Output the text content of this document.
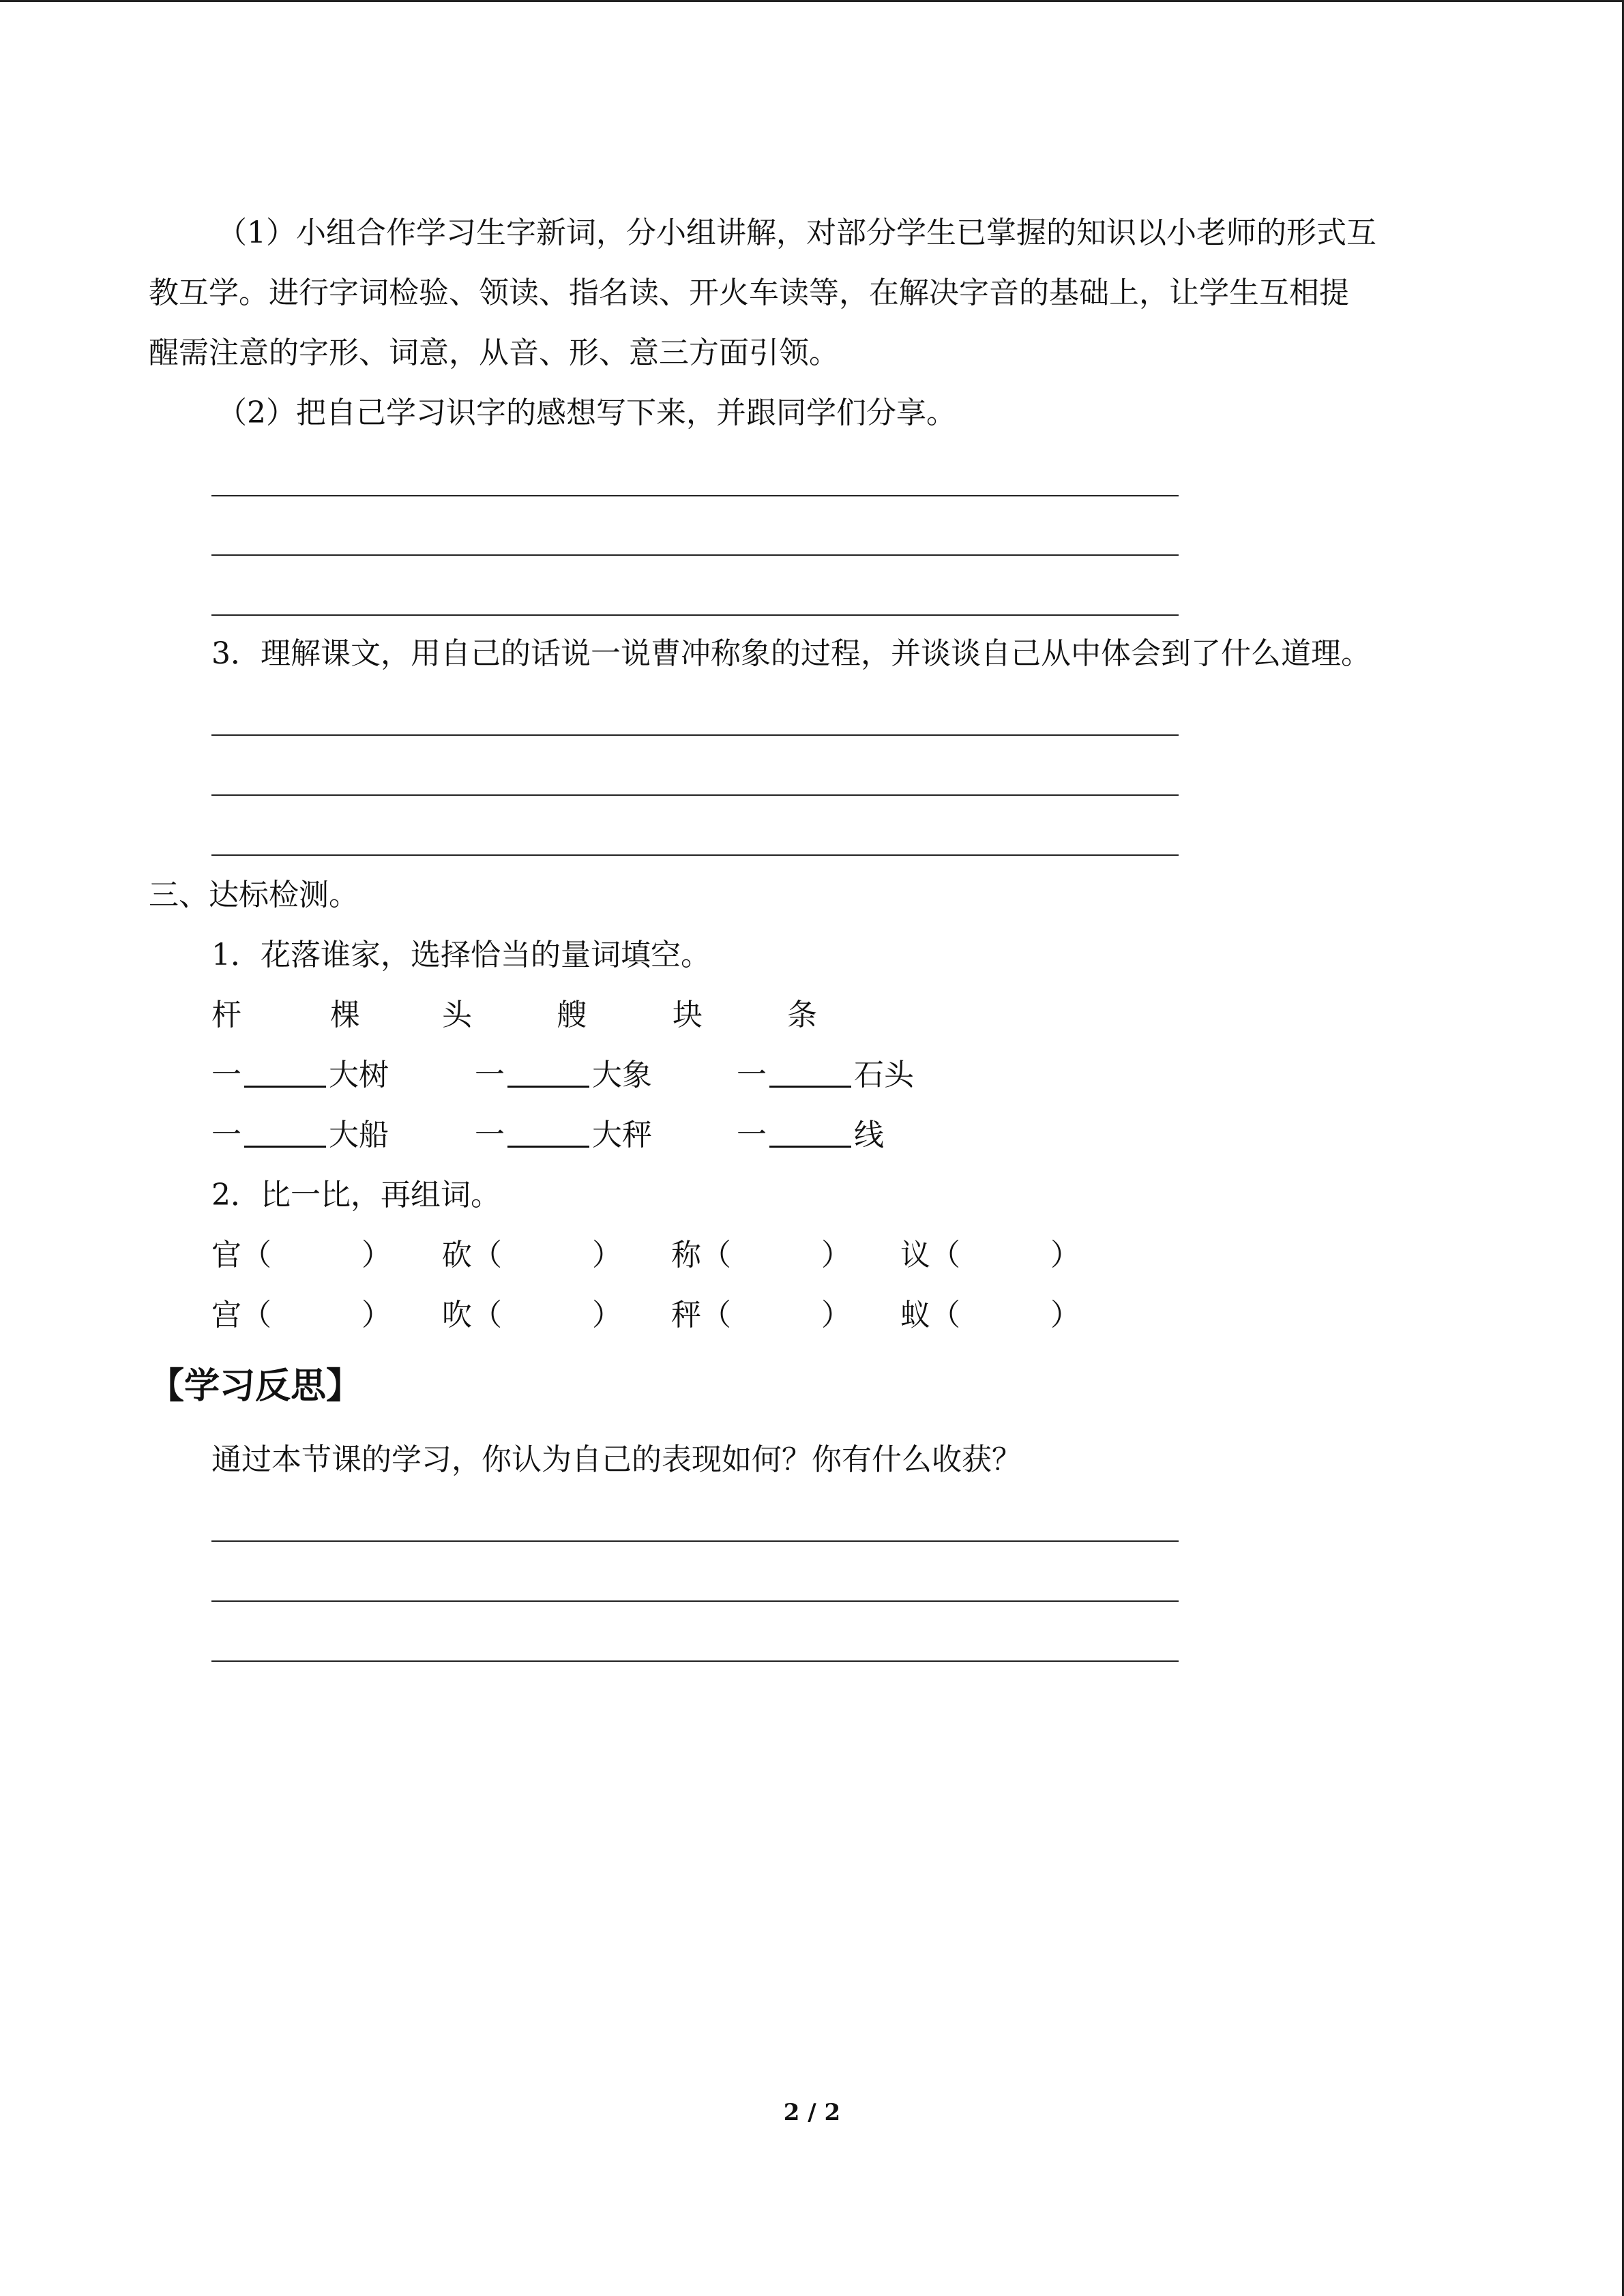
（1）小组合作学习生字新词，分小组讲解，对部分学生已掌握的知识以小老师的形式互
教互学。进行字词检验、领读、指名读、开火车读等，在解决字音的基础上，让学生互相提
醒需注意的字形、词意，从音、形、意三方面引领。
（2）把自己学习识字的感想写下来，并跟同学们分享。
3．理解课文，用自己的话说一说曹冲称象的过程，并谈谈自己从中体会到了什么道理。
三、达标检测。
1．花落谁家，选择恰当的量词填空。
杆	棵	头	艘	块	条
一	大树	一	大象	一	石头
一	大船	一	大秤	一	线
2．比一比，再组词。
官（　　　） 砍（　　　） 称（　　　） 议（　　　）
宫（　　　） 吹（　　　） 秤（　　　） 蚁（　　　）
【学习反思】
通过本节课的学习，你认为自己的表现如何？你有什么收获？
2 / 2
